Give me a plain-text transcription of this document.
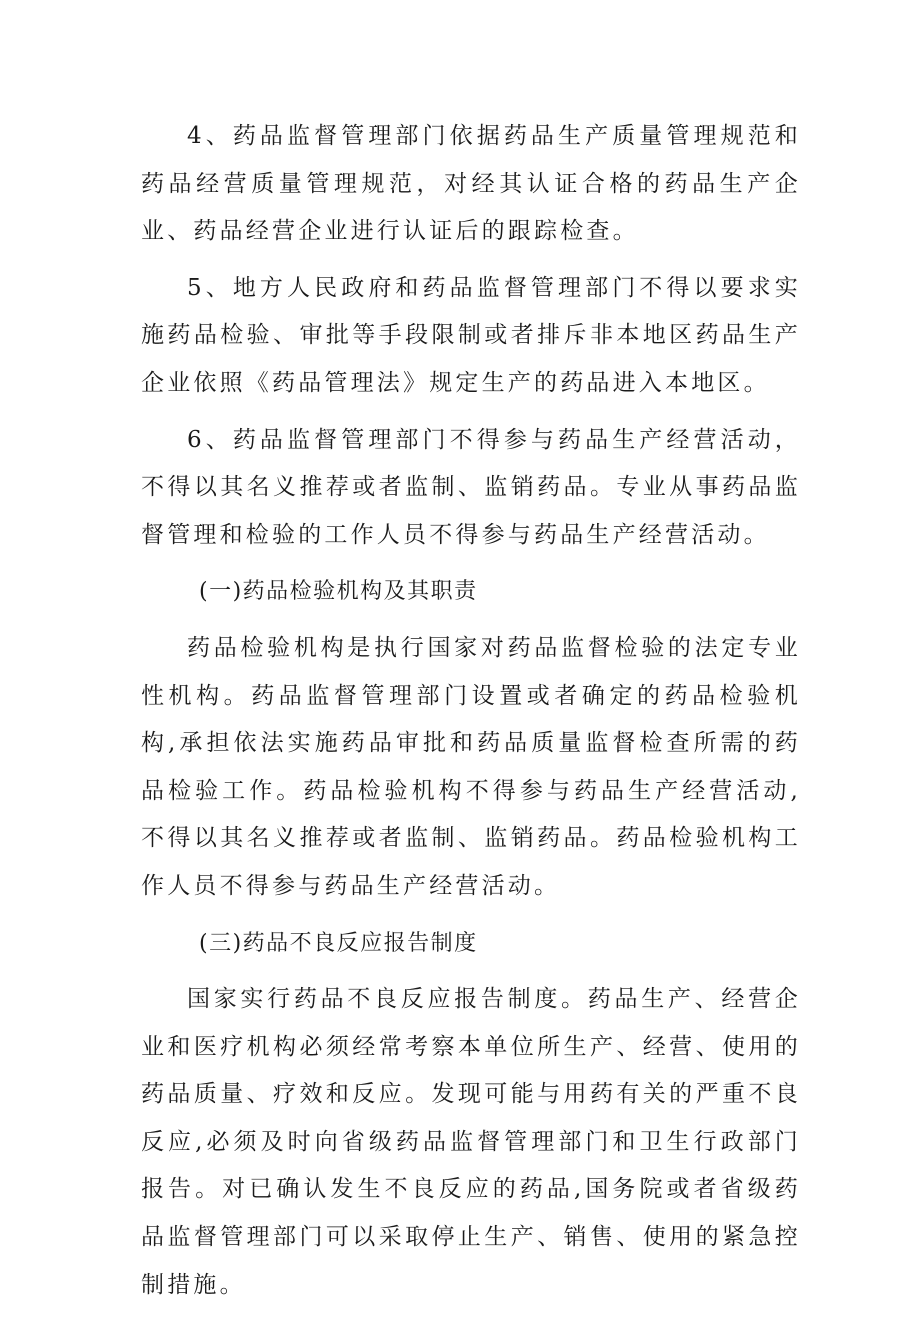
4、药品监督管理部门依据药品生产质量管理规范和药品经营质量管理规范，对经其认证合格的药品生产企业、药品经营企业进行认证后的跟踪检查。

5、地方人民政府和药品监督管理部门不得以要求实施药品检验、审批等手段限制或者排斥非本地区药品生产企业依照《药品管理法》规定生产的药品进入本地区。

6、药品监督管理部门不得参与药品生产经营活动，不得以其名义推荐或者监制、监销药品。专业从事药品监督管理和检验的工作人员不得参与药品生产经营活动。

(一)药品检验机构及其职责

药品检验机构是执行国家对药品监督检验的法定专业性机构。药品监督管理部门设置或者确定的药品检验机构,承担依法实施药品审批和药品质量监督检查所需的药品检验工作。药品检验机构不得参与药品生产经营活动,不得以其名义推荐或者监制、监销药品。药品检验机构工作人员不得参与药品生产经营活动。

(三)药品不良反应报告制度

国家实行药品不良反应报告制度。药品生产、经营企业和医疗机构必须经常考察本单位所生产、经营、使用的药品质量、疗效和反应。发现可能与用药有关的严重不良反应,必须及时向省级药品监督管理部门和卫生行政部门报告。对已确认发生不良反应的药品,国务院或者省级药品监督管理部门可以采取停止生产、销售、使用的紧急控制措施。
